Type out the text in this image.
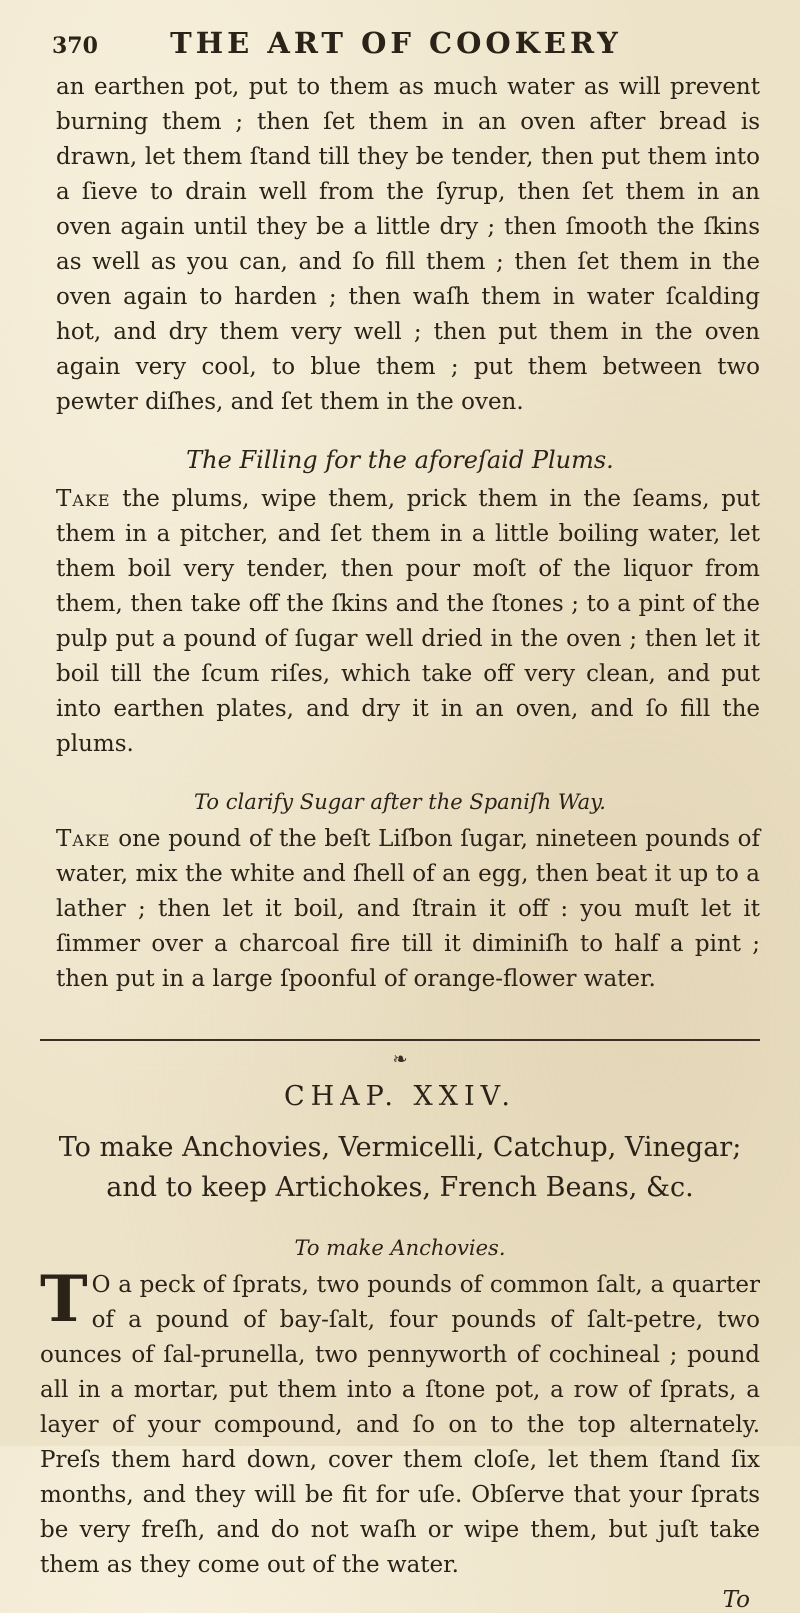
370	THE ART OF COOKERY

an earthen pot, put to them as much water as will prevent burning them ; then ſet them in an oven after bread is drawn, let them ſtand till they be tender, then put them into a ſieve to drain well from the ſyrup, then ſet them in an oven again until they be a little dry ; then ſmooth the ſkins as well as you can, and ſo fill them ; then ſet them in the oven again to harden ; then waſh them in water ſcalding hot, and dry them very well ; then put them in the oven again very cool, to blue them ; put them between two pewter diſhes, and ſet them in the oven.

The Filling for the aforeſaid Plums.

Take the plums, wipe them, prick them in the ſeams, put them in a pitcher, and ſet them in a little boiling water, let them boil very tender, then pour moſt of the liquor from them, then take off the ſkins and the ſtones ; to a pint of the pulp put a pound of ſugar well dried in the oven ; then let it boil till the ſcum riſes, which take off very clean, and put into earthen plates, and dry it in an oven, and ſo fill the plums.

To clarify Sugar after the Spaniſh Way.

Take one pound of the beſt Liſbon ſugar, nineteen pounds of water, mix the white and ſhell of an egg, then beat it up to a lather ; then let it boil, and ſtrain it off : you muſt let it ſimmer over a charcoal fire till it diminiſh to half a pint ; then put in a large ſpoonful of orange-flower water.

❧
CHAP. XXIV.

To make Anchovies, Vermicelli, Catchup, Vinegar;

and to keep Artichokes, French Beans, &c.

To make Anchovies.
T O a peck of ſprats, two pounds of common ſalt, a quarter of a pound of bay-ſalt, four pounds of ſalt-petre, two ounces of ſal-prunella, two pennyworth of cochineal ; pound all in a mortar, put them into a ſtone pot, a row of ſprats, a layer of your compound, and ſo on to the top alternately. Preſs them hard down, cover them cloſe, let them ſtand ſix months, and they will be fit for uſe. Obſerve that your ſprats be very freſh, and do not waſh or wipe them, but juſt take them as they come out of the water.

To
